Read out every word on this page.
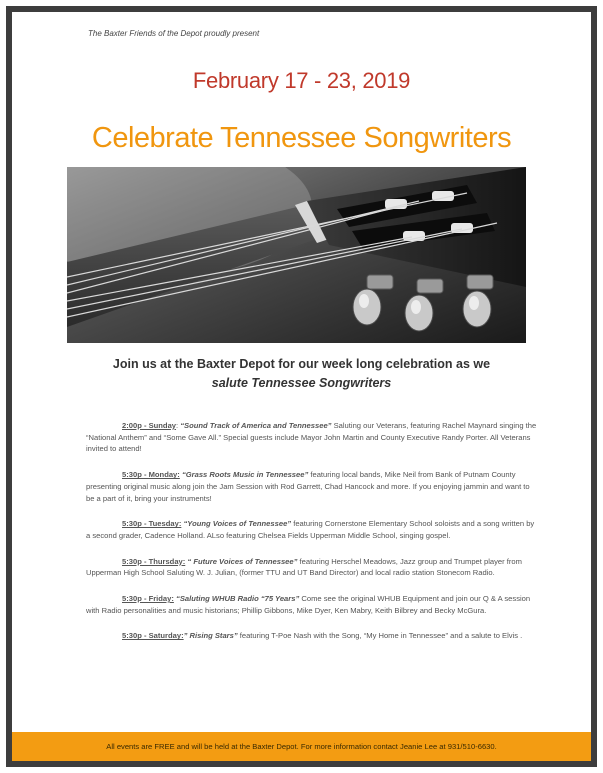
The Baxter Friends of the Depot proudly present
February 17 - 23, 2019
Celebrate Tennessee Songwriters
Join us at the Baxter Depot for our week long celebration as we
salute Tennessee Songwriters
2:00p - Sunday: “Sound Track of America and Tennessee” Saluting our Veterans, featuring Rachel Maynard singing the “National Anthem” and “Some Gave All.” Special guests include Mayor John Martin and County Executive Randy Porter. All Veterans invited to attend!
5:30p - Monday: “Grass Roots Music in Tennessee” featuring local bands, Mike Neil from Bank of Putnam County presenting original music along join the Jam Session with Rod Garrett, Chad Hancock and more. If you enjoying jammin and want to be a part of it, bring your instruments!
5:30p - Tuesday: “Young Voices of Tennessee” featuring Cornerstone Elementary School soloists and a song written by a second grader, Cadence Holland. ALso featuring Chelsea Fields Upperman Middle School, singing gospel.
5:30p - Thursday: “ Future Voices of Tennessee” featuring Herschel Meadows, Jazz group and Trumpet player from Upperman High School Saluting W. J. Julian, (former TTU and UT Band Director) and local radio station Stonecom Radio.
5:30p - Friday: “Saluting WHUB Radio “75 Years” Come see the original WHUB Equipment and join our Q & A session with Radio personalities and music historians; Phillip Gibbons, Mike Dyer, Ken Mabry, Keith Bilbrey and Becky McGura.
5:30p - Saturday:” Rising Stars” featuring T-Poe Nash with the Song, “My Home in Tennessee” and a salute to Elvis .
All events are FREE and will be held at the Baxter Depot. For more information contact Jeanie Lee at 931/510-6630.
